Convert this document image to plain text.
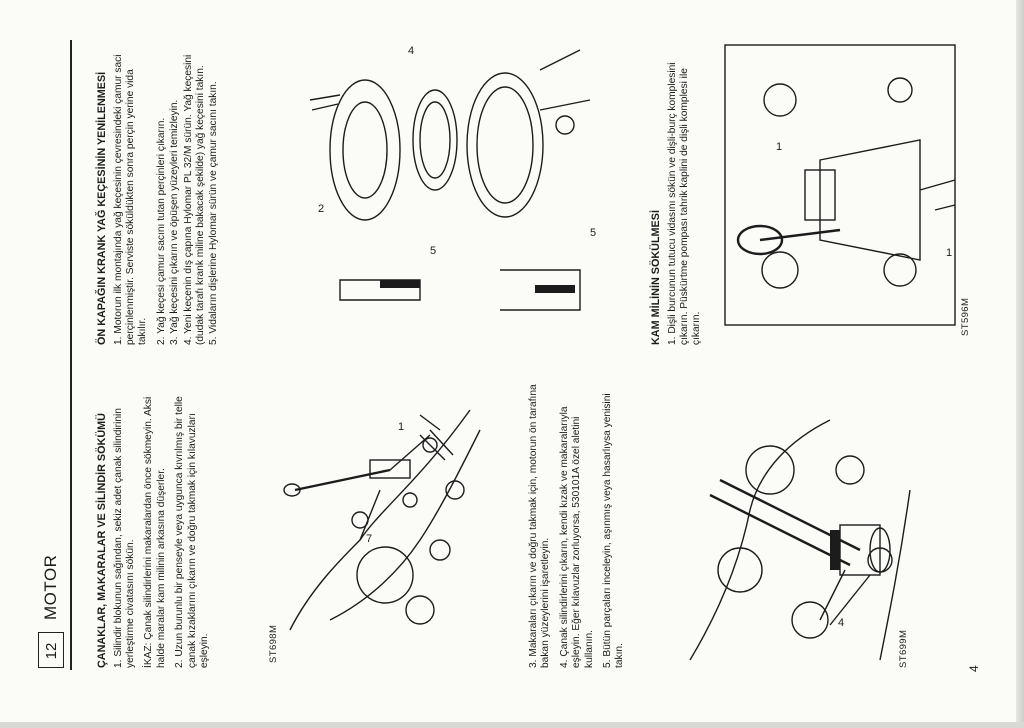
12
MOTOR	ÇANAKLAR, MAKARALAR VE SİLİNDİR SÖKÜMÜ 1. Silindir blokunun sağından, sekiz adet çanak silindirinin yerleştirme civatasını sökün. İKAZ: Çanak silindirlerini makaralardan önce sökmeyin. Aksi halde maralar kam milinin arkasına düşerler. 2. Uzun burunlu bir penseyle veya uygunca kıvrılmış bir telle çanak kızaklarını çıkarın ve doğru takmak için kılavuzları eşleyin.	ST698M
1
7	3. Makaraları çıkarın ve doğru takmak için, motorun ön tarafına bakan yüzeylerini işaretleyin. 4. Çanak silindirlerini çıkarın, kendi kızak ve makaralarıyla eşleyin. Eğer kılavuzlar zorluyorsa, 530101A özel aletini kullanın. 5. Bütün parçaları inceleyin, aşınmış veya hasarlıysa yenisini takın.	ST699M
4
ÖN KAPAĞIN KRANK YAĞ KEÇESİNİN YENİLENMESİ 1. Motorun ilk montajında yağ keçesinin çevresindeki çamur saci perçinlenmiştir. Serviste söküldükten sonra perçin yerine vida takılır. 2. Yağ keçesi çamur sacını tutan perçinleri çıkarın. 3. Yağ keçesini çıkarın ve öpüşen yüzeyleri temizleyin. 4. Yeni keçenin dış çapına Hylomar PL 32/M sürün. Yağ keçesini (dudak tarafı krank miline bakacak şekilde) yağ keçesini takın. 5. Vidaların dişlerine Hylomar sürün ve çamur sacını takın.

4
2
5
5	KAM MİLİNİN SÖKÜLMESİ 1. Dişli burcunun tutucu vidasını sökün ve dişli-burç komplesini çıkarın. Püskürtme pompası tahrik kaplini de dişli komplesi ile çıkarın.	ST596M
1
1
4
